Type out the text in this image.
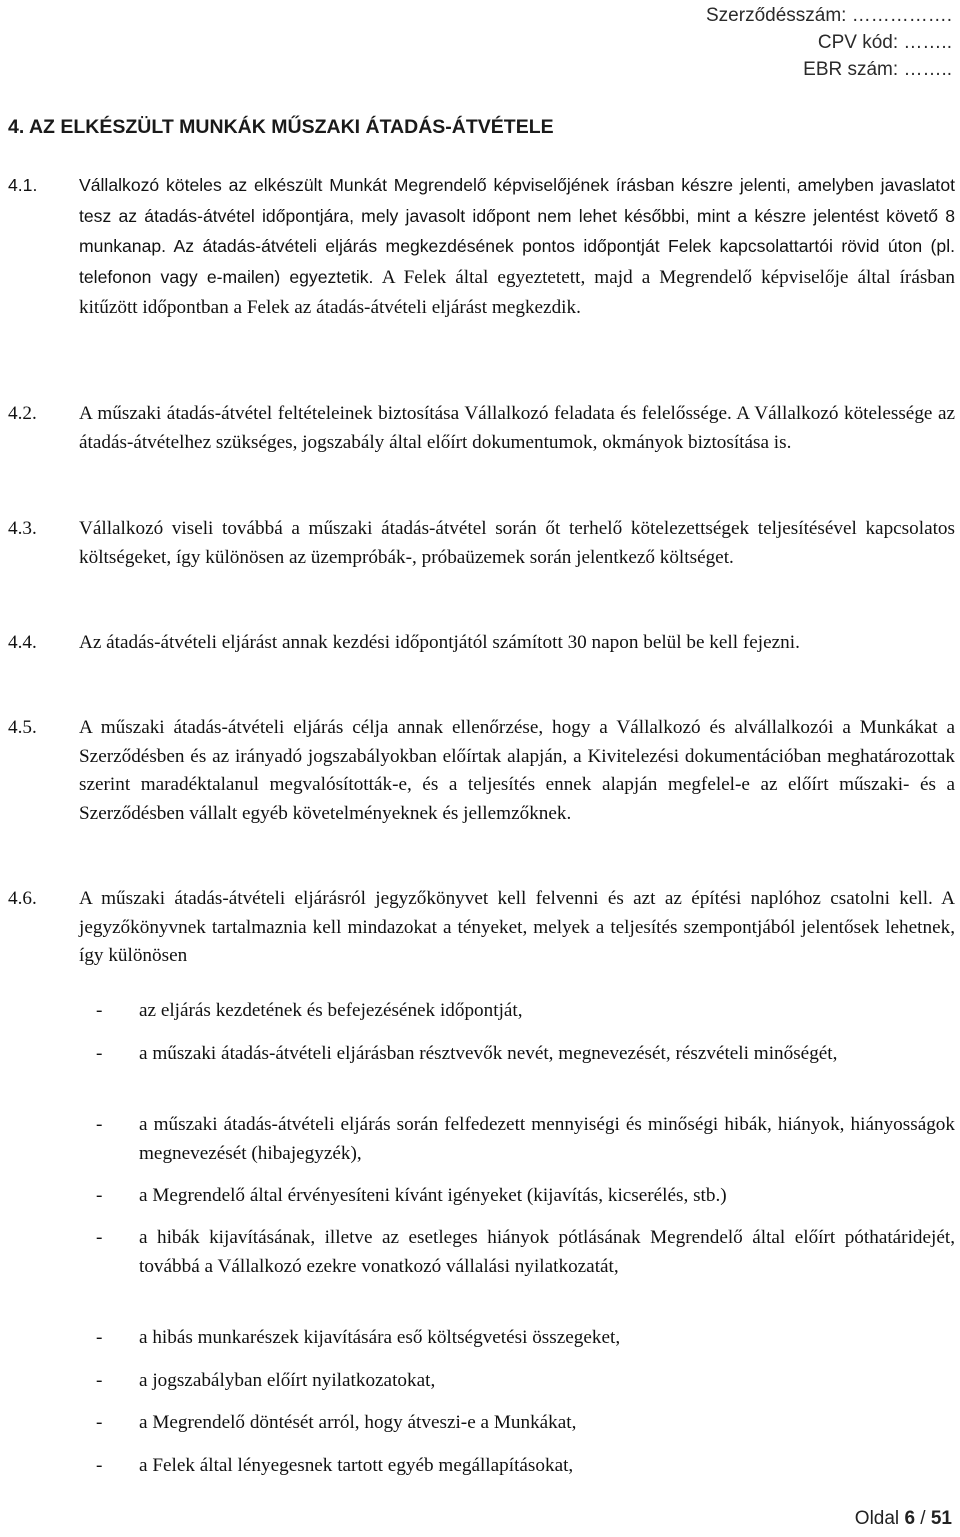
Szerződésszám: …………….
CPV kód: ……..
EBR szám: ……..
4. AZ ELKÉSZÜLT MUNKÁK MŰSZAKI ÁTADÁS-ÁTVÉTELE
4.1. Vállalkozó köteles az elkészült Munkát Megrendelő képviselőjének írásban készre jelenti, amelyben javaslatot tesz az átadás-átvétel időpontjára, mely javasolt időpont nem lehet későbbi, mint a készre jelentést követő 8 munkanap. Az átadás-átvételi eljárás megkezdésének pontos időpontját Felek kapcsolattartói rövid úton (pl. telefonon vagy e-mailen) egyeztetik. A Felek által egyeztetett, majd a Megrendelő képviselője által írásban kitűzött időpontban a Felek az átadás-átvételi eljárást megkezdik.
4.2. A műszaki átadás-átvétel feltételeinek biztosítása Vállalkozó feladata és felelőssége. A Vállalkozó kötelessége az átadás-átvételhez szükséges, jogszabály által előírt dokumentumok, okmányok biztosítása is.
4.3. Vállalkozó viseli továbbá a műszaki átadás-átvétel során őt terhelő kötelezettségek teljesítésével kapcsolatos költségeket, így különösen az üzempróbák-, próbaüzemek során jelentkező költséget.
4.4. Az átadás-átvételi eljárást annak kezdési időpontjától számított 30 napon belül be kell fejezni.
4.5. A műszaki átadás-átvételi eljárás célja annak ellenőrzése, hogy a Vállalkozó és alvállalkozói a Munkákat a Szerződésben és az irányadó jogszabályokban előírtak alapján, a Kivitelezési dokumentációban meghatározottak szerint maradéktalanul megvalósították-e, és a teljesítés ennek alapján megfelel-e az előírt műszaki- és a Szerződésben vállalt egyéb követelményeknek és jellemzőknek.
4.6. A műszaki átadás-átvételi eljárásról jegyzőkönyvet kell felvenni és azt az építési naplóhoz csatolni kell. A jegyzőkönyvnek tartalmaznia kell mindazokat a tényeket, melyek a teljesítés szempontjából jelentősek lehetnek, így különösen
- az eljárás kezdetének és befejezésének időpontját,
- a műszaki átadás-átvételi eljárásban résztvevők nevét, megnevezését, részvételi minőségét,
- a műszaki átadás-átvételi eljárás során felfedezett mennyiségi és minőségi hibák, hiányok, hiányosságok megnevezését (hibajegyzék),
- a Megrendelő által érvényesíteni kívánt igényeket (kijavítás, kicserélés, stb.)
- a hibák kijavításának, illetve az esetleges hiányok pótlásának Megrendelő által előírt póthatáridejét, továbbá a Vállalkozó ezekre vonatkozó vállalási nyilatkozatát,
- a hibás munkarészek kijavítására eső költségvetési összegeket,
- a jogszabályban előírt nyilatkozatokat,
- a Megrendelő döntését arról, hogy átveszi-e a Munkákat,
- a Felek által lényegesnek tartott egyéb megállapításokat,
Oldal 6 / 51
